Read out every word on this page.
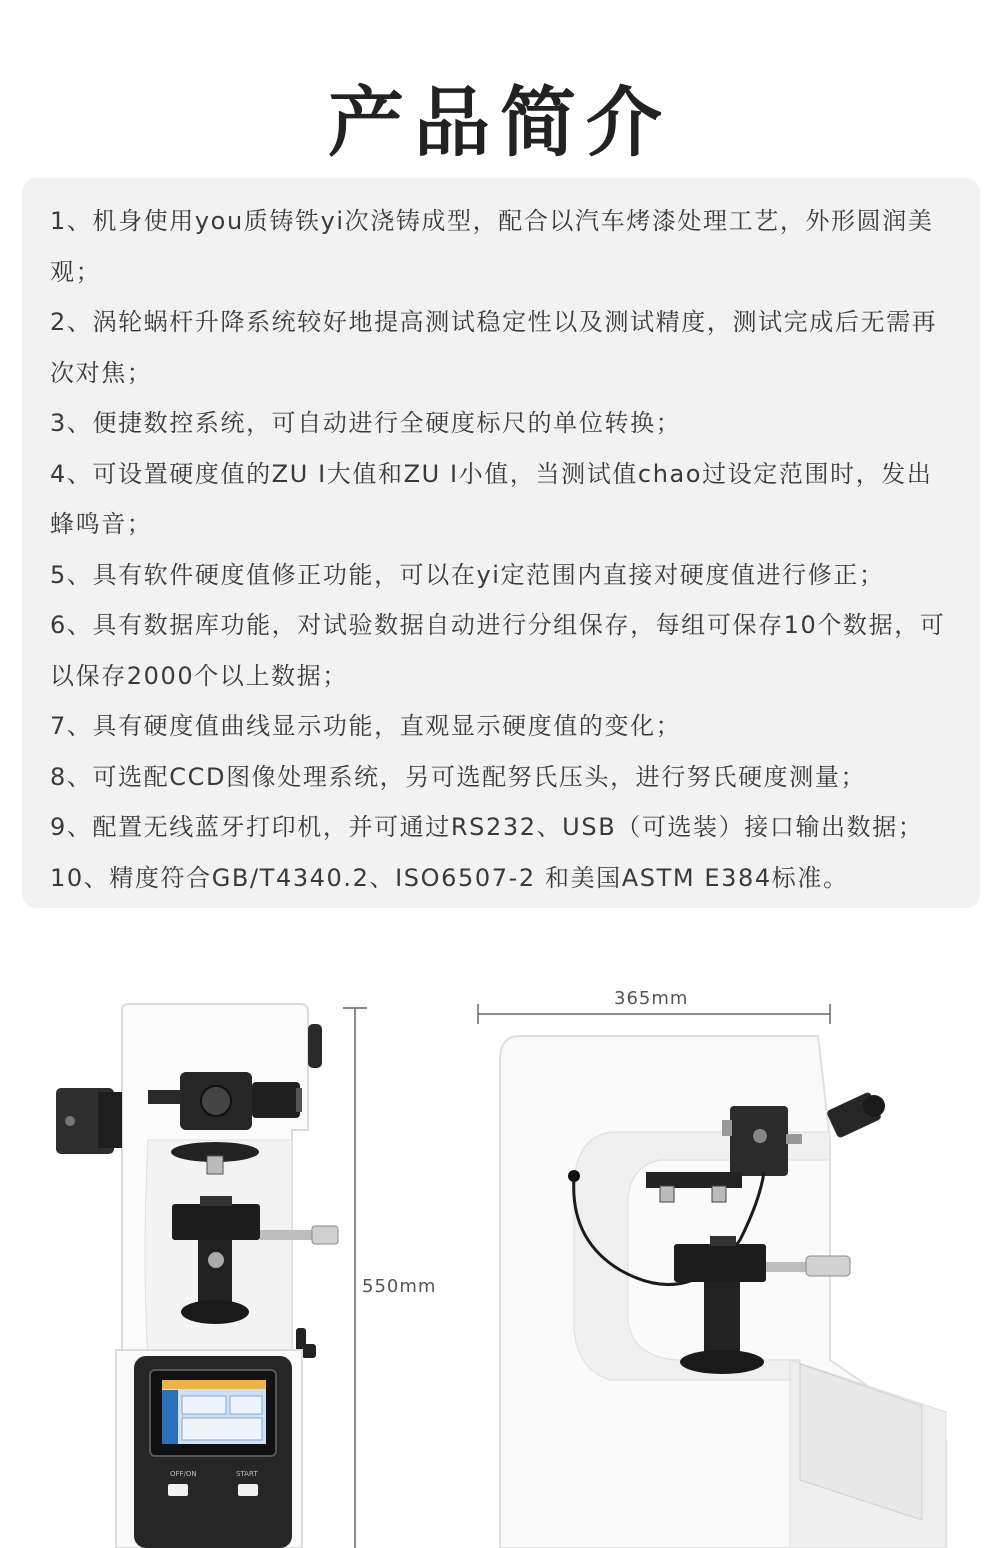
产品简介
1、机身使用you质铸铁yi次浇铸成型，配合以汽车烤漆处理工艺，外形圆润美观；
2、涡轮蜗杆升降系统较好地提高测试稳定性以及测试精度，测试完成后无需再次对焦；
3、便捷数控系统，可自动进行全硬度标尺的单位转换；
4、可设置硬度值的ZU I大值和ZU I小值，当测试值chao过设定范围时，发出蜂鸣音；
5、具有软件硬度值修正功能，可以在yi定范围内直接对硬度值进行修正；
6、具有数据库功能，对试验数据自动进行分组保存，每组可保存10个数据，可以保存2000个以上数据；
7、具有硬度值曲线显示功能，直观显示硬度值的变化；
8、可选配CCD图像处理系统，另可选配努氏压头，进行努氏硬度测量；
9、配置无线蓝牙打印机，并可通过RS232、USB（可选装）接口输出数据；
10、精度符合GB/T4340.2、ISO6507-2 和美国ASTM E384标准。
OFF/ON	START
550mm
365mm
